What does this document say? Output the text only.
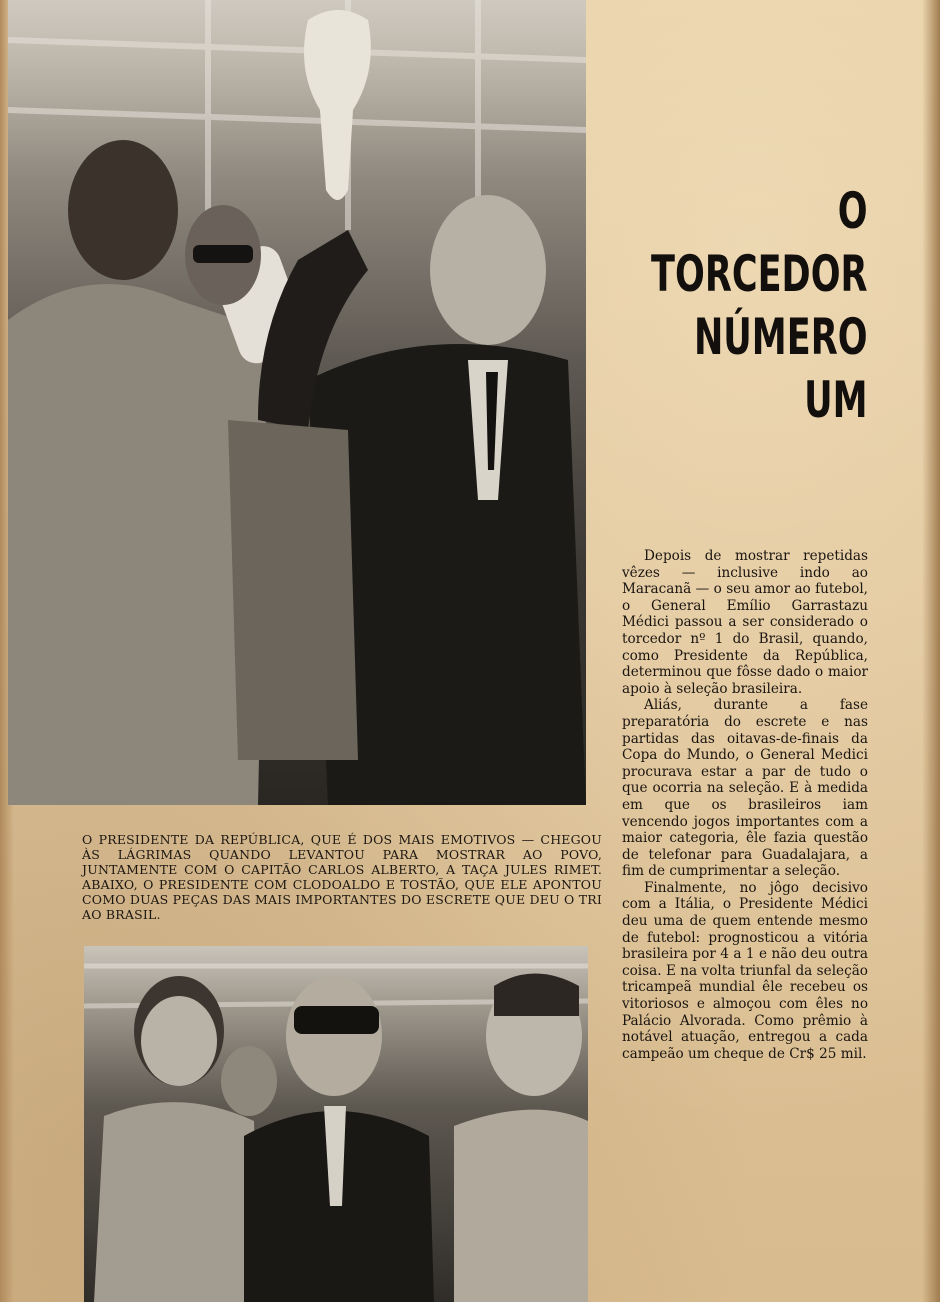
O PRESIDENTE DA REPÚBLICA, QUE É DOS MAIS EMOTIVOS — CHEGOU ÀS LÁGRIMAS QUANDO LEVANTOU PARA MOSTRAR AO POVO, JUNTAMENTE COM O CAPITÃO CARLOS ALBERTO, A TAÇA JULES RIMET. ABAIXO, O PRESIDENTE COM CLODOALDO E TOSTÃO, QUE ELE APONTOU COMO DUAS PEÇAS DAS MAIS IMPORTANTES DO ESCRETE QUE DEU O TRI AO BRASIL.

O
TORCEDOR
NÚMERO
UM

Depois de mostrar repetidas vêzes — inclusive indo ao Maracanã — o seu amor ao futebol, o General Emílio Garrastazu Médici passou a ser considerado o torcedor nº 1 do Brasil, quando, como Presidente da República, determinou que fôsse dado o maior apoio à seleção brasileira.

Aliás, durante a fase preparatória do escrete e nas partidas das oitavas-de-finais da Copa do Mundo, o General Medici procurava estar a par de tudo o que ocorria na seleção. E à medida em que os brasileiros iam vencendo jogos importantes com a maior categoria, êle fazia questão de telefonar para Guadalajara, a fim de cumprimentar a seleção.

Finalmente, no jôgo decisivo com a Itália, o Presidente Médici deu uma de quem entende mesmo de futebol: prognosticou a vitória brasileira por 4 a 1 e não deu outra coisa. E na volta triunfal da seleção tricampeã mundial êle recebeu os vitoriosos e almoçou com êles no Palácio Alvorada. Como prêmio à notável atuação, entregou a cada campeão um cheque de Cr$ 25 mil.
